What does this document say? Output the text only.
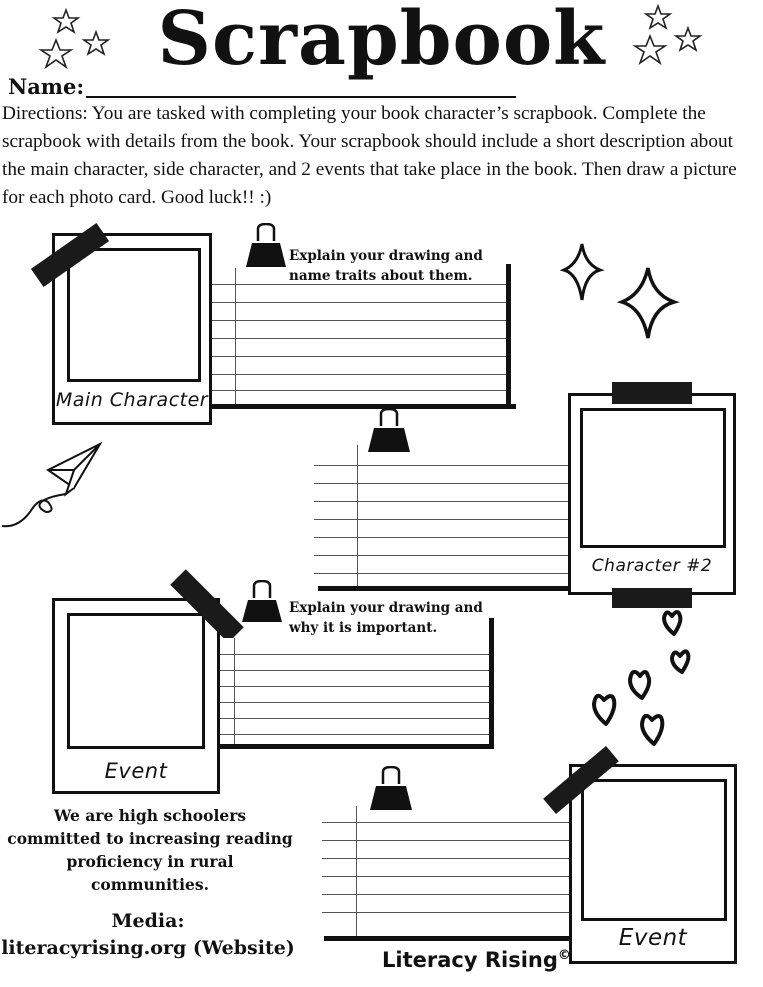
Scrapbook
Name:
Directions: You are tasked with completing your book character’s scrapbook. Complete the scrapbook with details from the book. Your scrapbook should include a short description about the main character, side character, and 2 events that take place in the book. Then draw a picture for each photo card. Good luck!! :)
Main Character
Explain your drawing and
name traits about them.
Character #2
Event
Explain your drawing and
why it is important.
Event
We are high schoolers
committed to increasing reading
proficiency in rural
communities.
Media:
literacyrising.org (Website)	Literacy Rising©
